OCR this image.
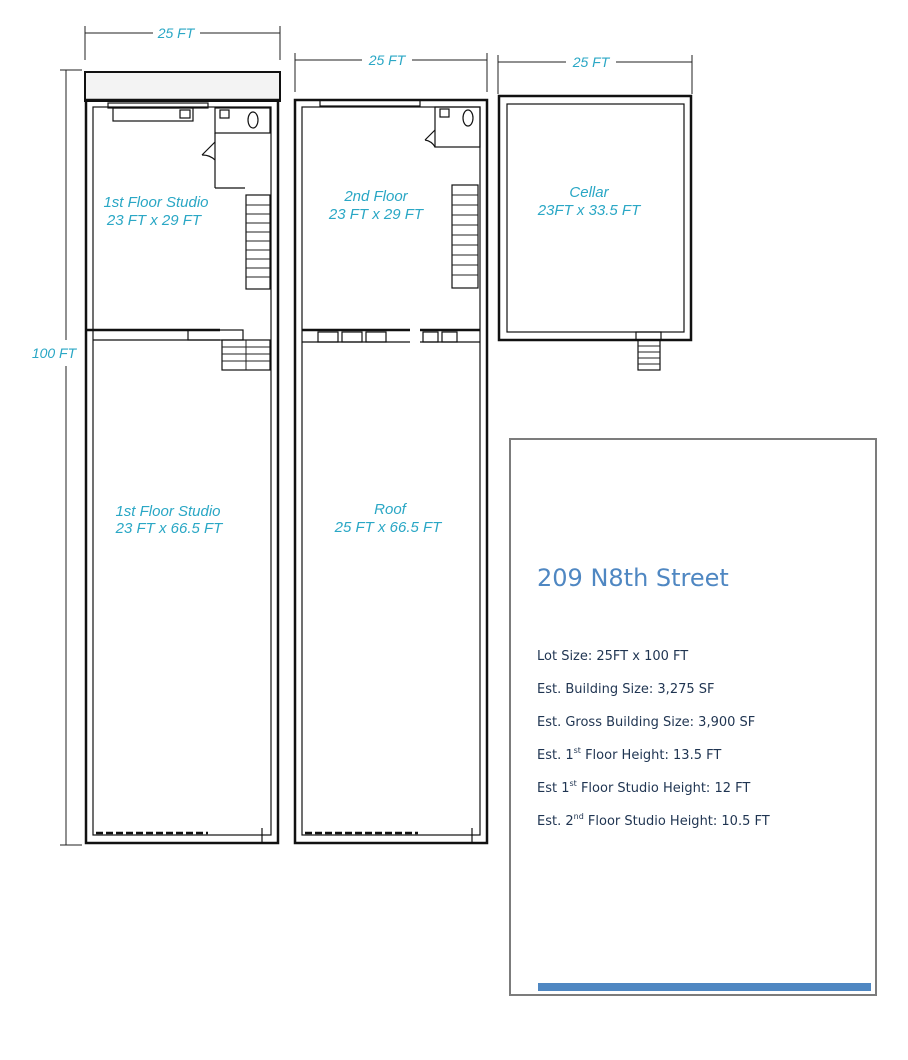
25 FT
25 FT	25 FT
100 FT
1st Floor Studio
23 FT x 29 FT
1st Floor Studio
23 FT x 66.5 FT
2nd Floor
23 FT x 29 FT
Roof
25 FT x 66.5 FT
Cellar
23FT x 33.5 FT
209 N8th Street
Lot Size: 25FT x 100 FT
Est. Building Size: 3,275 SF
Est. Gross Building Size: 3,900 SF
Est. 1st Floor Height: 13.5 FT
Est 1st Floor Studio Height: 12 FT
Est. 2nd Floor Studio Height: 10.5 FT
